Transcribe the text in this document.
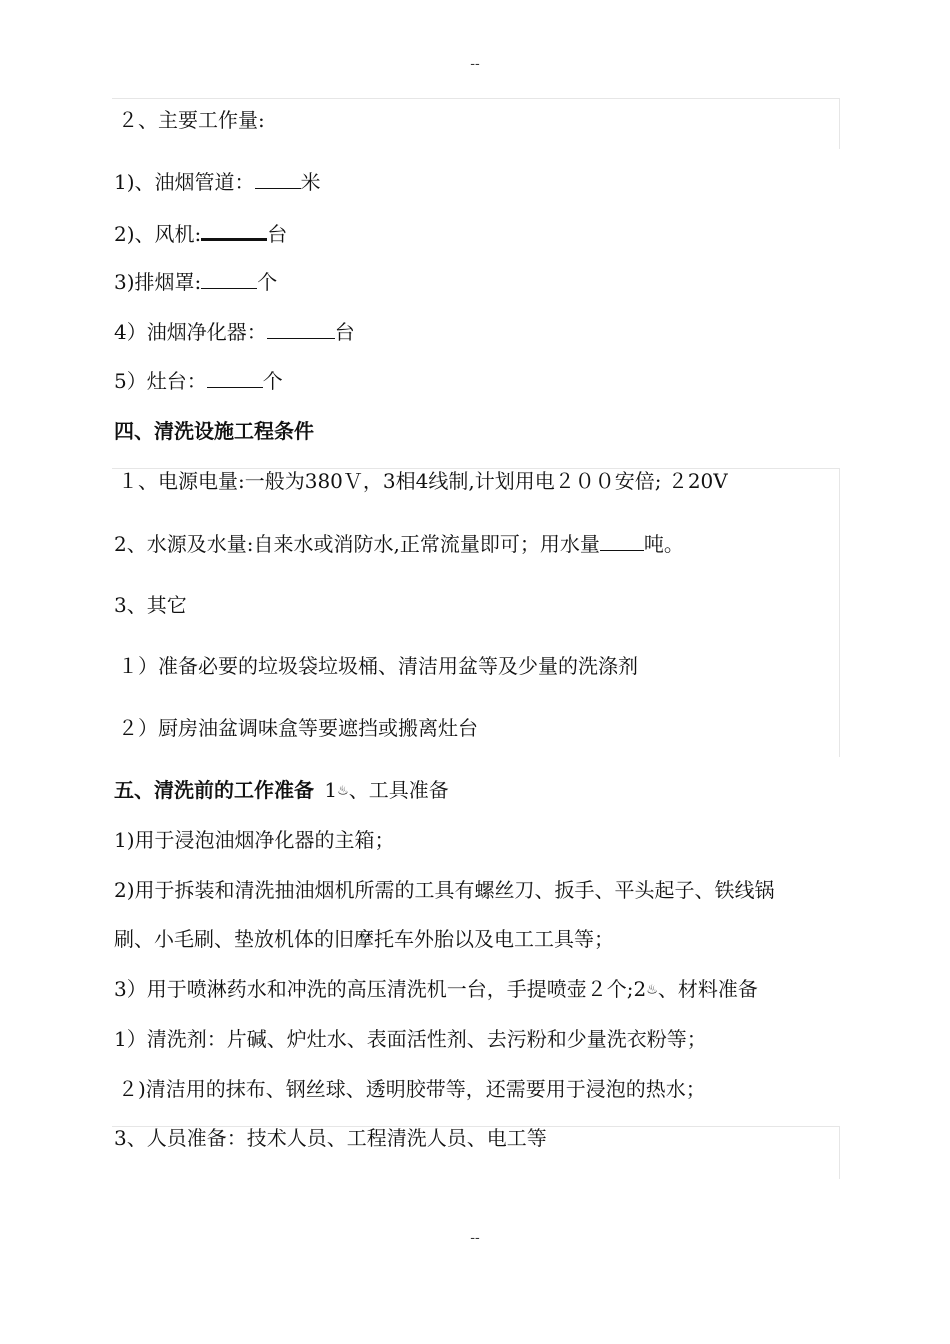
--
２、主要工作量:
1)、油烟管道： 米
2)、风机:	台
3)排烟罩:	个
4）油烟净化器：	台
5）灶台：	个
四、清洗设施工程条件
１、电源电量:一般为380Ｖ，3相4线制,计划用电２００安倍; ２20V
2、水源及水量:自来水或消防水,正常流量即可；用水量 吨。
3、其它
１）准备必要的垃圾袋垃圾桶、清洁用盆等及少量的洗涤剂
２）厨房油盆调味盒等要遮挡或搬离灶台
五、清洗前的工作准备 1♨、工具准备
1)用于浸泡油烟净化器的主箱；
2)用于拆装和清洗抽油烟机所需的工具有螺丝刀、扳手、平头起子、铁线锅
刷、小毛刷、垫放机体的旧摩托车外胎以及电工工具等；
3）用于喷淋药水和冲洗的高压清洗机一台，手提喷壶２个;2♨、材料准备
1）清洗剂：片碱、炉灶水、表面活性剂、去污粉和少量洗衣粉等；
２)清洁用的抹布、钢丝球、透明胶带等，还需要用于浸泡的热水；
3、人员准备：技术人员、工程清洗人员、电工等
--
